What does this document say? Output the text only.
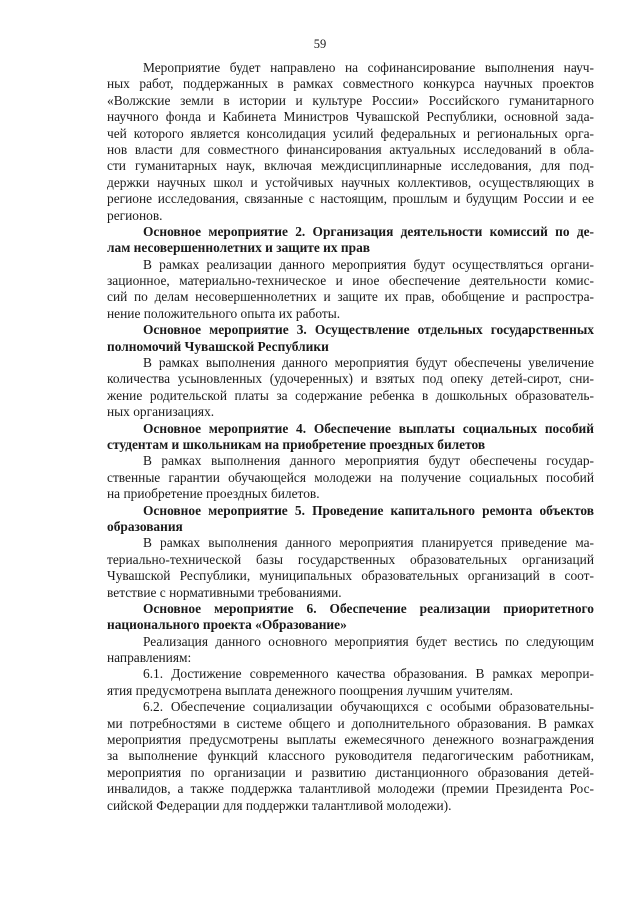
59
Мероприятие будет направлено на софинансирование выполнения науч-
ных работ, поддержанных в рамках совместного конкурса научных проектов
«Волжские земли в истории и культуре России» Российского гуманитарного
научного фонда и Кабинета Министров Чувашской Республики, основной зада-
чей которого является консолидация усилий федеральных и региональных орга-
нов власти для совместного финансирования актуальных исследований в обла-
сти гуманитарных наук, включая междисциплинарные исследования, для под-
держки научных школ и устойчивых научных коллективов, осуществляющих в
регионе исследования, связанные с настоящим, прошлым и будущим России и ее
регионов.
Основное мероприятие 2. Организация деятельности комиссий по де-
лам несовершеннолетних и защите их прав
В рамках реализации данного мероприятия будут осуществляться органи-
зационное, материально-техническое и иное обеспечение деятельности комис-
сий по делам несовершеннолетних и защите их прав, обобщение и распростра-
нение положительного опыта их работы.
Основное мероприятие 3. Осуществление отдельных государственных
полномочий Чувашской Республики
В рамках выполнения данного мероприятия будут обеспечены увеличение
количества усыновленных (удочеренных) и взятых под опеку детей-сирот, сни-
жение родительской платы за содержание ребенка в дошкольных образователь-
ных организациях.
Основное мероприятие 4. Обеспечение выплаты социальных пособий
студентам и школьникам на приобретение проездных билетов
В рамках выполнения данного мероприятия будут обеспечены государ-
ственные гарантии обучающейся молодежи на получение социальных пособий
на приобретение проездных билетов.
Основное мероприятие 5. Проведение капитального ремонта объектов
образования
В рамках выполнения данного мероприятия планируется приведение ма-
териально-технической базы государственных образовательных организаций
Чувашской Республики, муниципальных образовательных организаций в соот-
ветствие с нормативными требованиями.
Основное мероприятие 6. Обеспечение реализации приоритетного
национального проекта «Образование»
Реализация данного основного мероприятия будет вестись по следующим
направлениям:
6.1. Достижение современного качества образования. В рамках меропри-
ятия предусмотрена выплата денежного поощрения лучшим учителям.
6.2. Обеспечение социализации обучающихся с особыми образовательны-
ми потребностями в системе общего и дополнительного образования. В рамках
мероприятия предусмотрены выплаты ежемесячного денежного вознаграждения
за выполнение функций классного руководителя педагогическим работникам,
мероприятия по организации и развитию дистанционного образования детей-
инвалидов, а также поддержка талантливой молодежи (премии Президента Рос-
сийской Федерации для поддержки талантливой молодежи).
